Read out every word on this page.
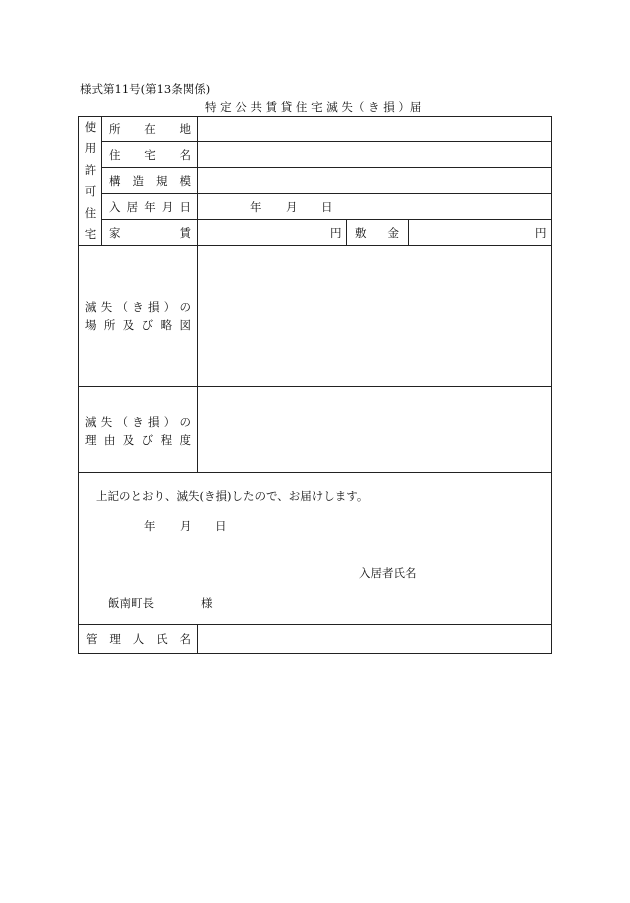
様式第11号(第13条関係)
特 定 公 共 賃 貸 住 宅 滅 失（ き 損 ）届
使
用
許
可
住
宅
所 在 地
住 宅 名
構 造 規 模
入 居 年 月 日	年 月 日
家	賃	円 敷 金	円
滅 失 （ き 損 ） の
場 所 及 び 略 図
滅 失 （ き 損 ） の
理 由 及 び 程 度
上記のとおり、滅失(き損)したので、お届けします。
年 月 日
入居者氏名
飯南町長	様
管 理 人 氏 名
